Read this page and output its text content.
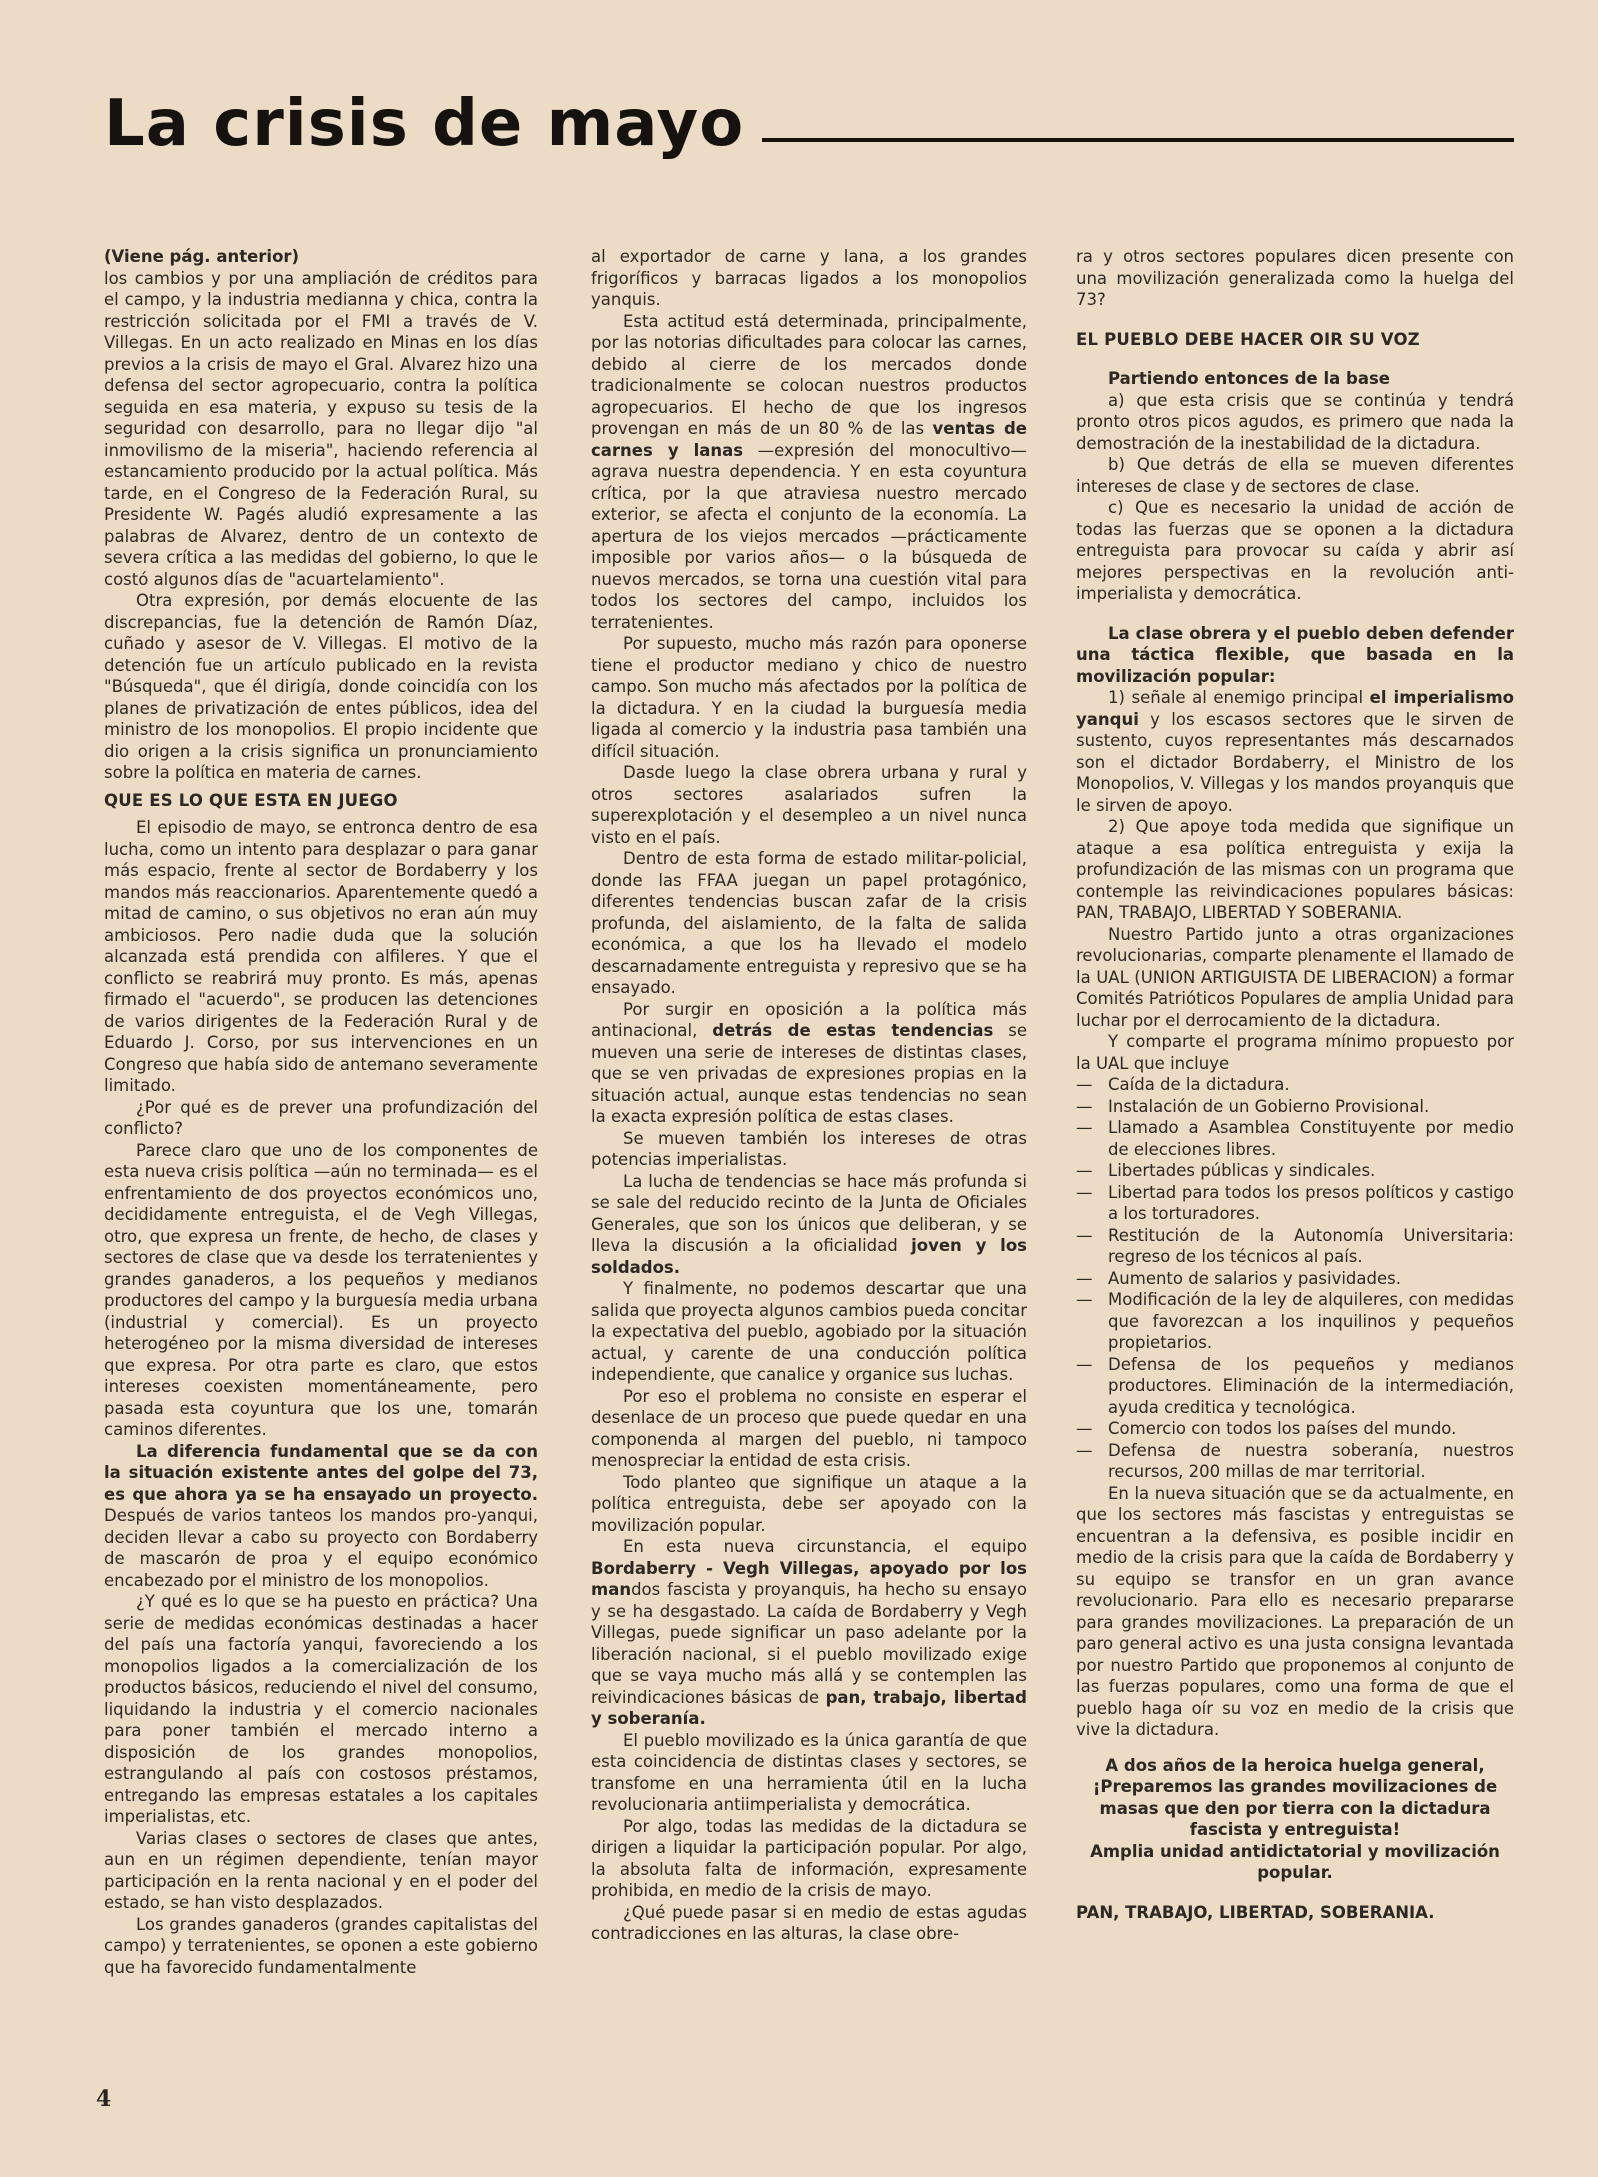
La crisis de mayo

(Viene pág. anterior)

los cambios y por una ampliación de créditos para el campo, y la industria medianna y chica, contra la restricción solicitada por el FMI a través de V. Villegas. En un acto realizado en Minas en los días previos a la crisis de mayo el Gral. Alvarez hizo una defensa del sector agropecuario, contra la política seguida en esa materia, y expuso su tesis de la seguridad con desarrollo, para no llegar dijo "al inmovilismo de la miseria", haciendo referencia al estancamiento producido por la actual política. Más tarde, en el Congreso de la Federación Rural, su Presidente W. Pagés aludió expresamente a las palabras de Alvarez, dentro de un contexto de severa crítica a las medidas del gobierno, lo que le costó algunos días de "acuartelamiento".

Otra expresión, por demás elocuente de las discrepancias, fue la detención de Ramón Díaz, cuñado y asesor de V. Villegas. El motivo de la detención fue un artículo publicado en la revista "Búsqueda", que él dirigía, donde coincidía con los planes de privatización de entes públicos, idea del ministro de los monopolios. El propio incidente que dio origen a la crisis significa un pronunciamiento sobre la política en materia de carnes.

QUE ES LO QUE ESTA EN JUEGO

El episodio de mayo, se entronca dentro de esa lucha, como un intento para desplazar o para ganar más espacio, frente al sector de Bordaberry y los mandos más reaccionarios. Aparentemente quedó a mitad de camino, o sus objetivos no eran aún muy ambiciosos. Pero nadie duda que la solución alcanzada está prendida con alfileres. Y que el conflicto se reabrirá muy pronto. Es más, apenas firmado el "acuerdo", se producen las detenciones de varios dirigentes de la Federación Rural y de Eduardo J. Corso, por sus intervenciones en un Congreso que había sido de antemano severamente limitado.

¿Por qué es de prever una profundización del conflicto?

Parece claro que uno de los componentes de esta nueva crisis política —aún no terminada— es el enfrentamiento de dos proyectos económicos uno, decididamente entreguista, el de Vegh Villegas, otro, que expresa un frente, de hecho, de clases y sectores de clase que va desde los terratenientes y grandes ganaderos, a los pequeños y medianos productores del campo y la burguesía media urbana (industrial y comercial). Es un proyecto heterogéneo por la misma diversidad de intereses que expresa. Por otra parte es claro, que estos intereses coexisten momentáneamente, pero pasada esta coyuntura que los une, tomarán caminos diferentes.

La diferencia fundamental que se da con la situación existente antes del golpe del 73, es que ahora ya se ha ensayado un proyecto. Después de varios tanteos los mandos pro-yanqui, deciden llevar a cabo su proyecto con Bordaberry de mascarón de proa y el equipo económico encabezado por el ministro de los monopolios.

¿Y qué es lo que se ha puesto en práctica? Una serie de medidas económicas destinadas a hacer del país una factoría yanqui, favoreciendo a los monopolios ligados a la comercialización de los productos básicos, reduciendo el nivel del consumo, liquidando la industria y el comercio nacionales para poner también el mercado interno a disposición de los grandes monopolios, estrangulando al país con costosos préstamos, entregando las empresas estatales a los capitales imperialistas, etc.

Varias clases o sectores de clases que antes, aun en un régimen dependiente, tenían mayor participación en la renta nacional y en el poder del estado, se han visto desplazados.

Los grandes ganaderos (grandes capitalistas del campo) y terratenientes, se oponen a este gobierno que ha favorecido fundamentalmente

al exportador de carne y lana, a los grandes frigoríficos y barracas ligados a los monopolios yanquis.

Esta actitud está determinada, principalmente, por las notorias dificultades para colocar las carnes, debido al cierre de los mercados donde tradicionalmente se colocan nuestros productos agropecuarios. El hecho de que los ingresos provengan en más de un 80 % de las ventas de carnes y lanas —expresión del monocultivo— agrava nuestra dependencia. Y en esta coyuntura crítica, por la que atraviesa nuestro mercado exterior, se afecta el conjunto de la economía. La apertura de los viejos mercados —prácticamente imposible por varios años— o la búsqueda de nuevos mercados, se torna una cuestión vital para todos los sectores del campo, incluidos los terratenientes.

Por supuesto, mucho más razón para oponerse tiene el productor mediano y chico de nuestro campo. Son mucho más afectados por la política de la dictadura. Y en la ciudad la burguesía media ligada al comercio y la industria pasa también una difícil situación.

Dasde luego la clase obrera urbana y rural y otros sectores asalariados sufren la superexplotación y el desempleo a un nivel nunca visto en el país.

Dentro de esta forma de estado militar-policial, donde las FFAA juegan un papel protagónico, diferentes tendencias buscan zafar de la crisis profunda, del aislamiento, de la falta de salida económica, a que los ha llevado el modelo descarnadamente entreguista y represivo que se ha ensayado.

Por surgir en oposición a la política más antinacional, detrás de estas tendencias se mueven una serie de intereses de distintas clases, que se ven privadas de expresiones propias en la situación actual, aunque estas tendencias no sean la exacta expresión política de estas clases.

Se mueven también los intereses de otras potencias imperialistas.

La lucha de tendencias se hace más profunda si se sale del reducido recinto de la Junta de Oficiales Generales, que son los únicos que deliberan, y se lleva la discusión a la oficialidad joven y los soldados.

Y finalmente, no podemos descartar que una salida que proyecta algunos cambios pueda concitar la expectativa del pueblo, agobiado por la situación actual, y carente de una conducción política independiente, que canalice y organice sus luchas.

Por eso el problema no consiste en esperar el desenlace de un proceso que puede quedar en una componenda al margen del pueblo, ni tampoco menospreciar la entidad de esta crisis.

Todo planteo que signifique un ataque a la política entreguista, debe ser apoyado con la movilización popular.

En esta nueva circunstancia, el equipo Bordaberry - Vegh Villegas, apoyado por los mandos fascista y proyanquis, ha hecho su ensayo y se ha desgastado. La caída de Bordaberry y Vegh Villegas, puede significar un paso adelante por la liberación nacional, si el pueblo movilizado exige que se vaya mucho más allá y se contemplen las reivindicaciones básicas de pan, trabajo, libertad y soberanía.

El pueblo movilizado es la única garantía de que esta coincidencia de distintas clases y sectores, se transfome en una herramienta útil en la lucha revolucionaria antiimperialista y democrática.

Por algo, todas las medidas de la dictadura se dirigen a liquidar la participación popular. Por algo, la absoluta falta de información, expresamente prohibida, en medio de la crisis de mayo.

¿Qué puede pasar si en medio de estas agudas contradicciones en las alturas, la clase obre-

ra y otros sectores populares dicen presente con una movilización generalizada como la huelga del 73?

EL PUEBLO DEBE HACER OIR SU VOZ

Partiendo entonces de la base

a) que esta crisis que se continúa y tendrá pronto otros picos agudos, es primero que nada la demostración de la inestabilidad de la dictadura.

b) Que detrás de ella se mueven diferentes intereses de clase y de sectores de clase.

c) Que es necesario la unidad de acción de todas las fuerzas que se oponen a la dictadura entreguista para provocar su caída y abrir así mejores perspectivas en la revolución anti-imperialista y democrática.

La clase obrera y el pueblo deben defender una táctica flexible, que basada en la movilización popular:

1) señale al enemigo principal el imperialismo yanqui y los escasos sectores que le sirven de sustento, cuyos representantes más descarnados son el dictador Bordaberry, el Ministro de los Monopolios, V. Villegas y los mandos proyanquis que le sirven de apoyo.

2) Que apoye toda medida que signifique un ataque a esa política entreguista y exija la profundización de las mismas con un programa que contemple las reivindicaciones populares básicas: PAN, TRABAJO, LIBERTAD Y SOBERANIA.

Nuestro Partido junto a otras organizaciones revolucionarias, comparte plenamente el llamado de la UAL (UNION ARTIGUISTA DE LIBERACION) a formar Comités Patrióticos Populares de amplia Unidad para luchar por el derrocamiento de la dictadura.

Y comparte el programa mínimo propuesto por la UAL que incluye

— Caída de la dictadura.
— Instalación de un Gobierno Provisional.
— Llamado a Asamblea Constituyente por medio de elecciones libres.
— Libertades públicas y sindicales.
— Libertad para todos los presos políticos y castigo a los torturadores.
— Restitución de la Autonomía Universitaria: regreso de los técnicos al país.
— Aumento de salarios y pasividades.
— Modificación de la ley de alquileres, con medidas que favorezcan a los inquilinos y pequeños propietarios.
— Defensa de los pequeños y medianos productores. Eliminación de la intermediación, ayuda creditica y tecnológica.
— Comercio con todos los países del mundo.
— Defensa de nuestra soberanía, nuestros recursos, 200 millas de mar territorial.

En la nueva situación que se da actualmente, en que los sectores más fascistas y entreguistas se encuentran a la defensiva, es posible incidir en medio de la crisis para que la caída de Bordaberry y su equipo se transfor en un gran avance revolucionario. Para ello es necesario prepararse para grandes movilizaciones. La preparación de un paro general activo es una justa consigna levantada por nuestro Partido que proponemos al conjunto de las fuerzas populares, como una forma de que el pueblo haga oír su voz en medio de la crisis que vive la dictadura.

A dos años de la heroica huelga general,

¡Preparemos las grandes movilizaciones de masas que den por tierra con la dictadura fascista y entreguista!

Amplia unidad antidictatorial y movilización popular.

PAN, TRABAJO, LIBERTAD, SOBERANIA.

4
